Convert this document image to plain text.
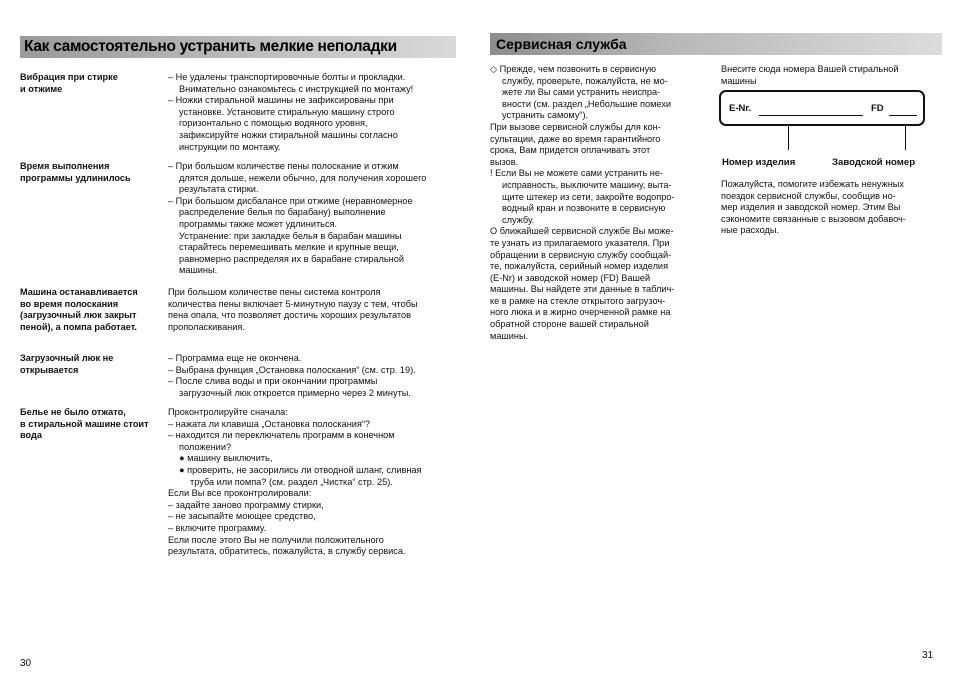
Как самостоятельно устранить мелкие неполадки
Вибрация при стирке
и отжиме
– Не удалены транспортировочные болты и прокладки.
Внимательно ознакомьтесь с инструкцией по монтажу!
– Ножки стиральной машины не зафиксированы при
установке. Установите стиральную машину строго
горизонтально с помощью водяного уровня,
зафиксируйте ножки стиральной машины согласно
инструкции по монтажу.
Время выполнения
программы удлинилось
– При большом количестве пены полоскание и отжим
длятся дольше, нежели обычно, для получения хорошего
результата стирки.
– При большом дисбалансе при отжиме (неравномерное
распределение белья по барабану) выполнение
программы также может удлиниться.
Устранение: при закладке белья в барабан машины
старайтесь перемешивать мелкие и крупные вещи,
равномерно распределяя их в барабане стиральной
машины.
Машина останавливается
во время полоскания
(загрузочный люк закрыт
пеной), а помпа работает.
При большом количестве пены система контроля
количества пены включает 5-минутную паузу с тем, чтобы
пена опала, что позволяет достичь хороших результатов
прополаскивания.
Загрузочный люк не
открывается
– Программа еще не окончена.
– Выбрана функция „Остановка полоскания“ (см. стр. 19).
– После слива воды и при окончании программы
загрузочный люк откроется примерно через 2 минуты.
Белье не было отжато,
в стиральной машине стоит
вода
Проконтролируйте сначала:
– нажата ли клавиша „Остановка полоскания“?
– находится ли переключатель программ в конечном
положении?
● машину выключить,
● проверить, не засорились ли отводной шланг, сливная
труба или помпа? (см. раздел „Чистка“ стр. 25).
Если Вы все проконтролировали:
– задайте заново программу стирки,
– не засыпайте моющее средство,
– включите программу.
Если после этого Вы не получили положительного
результата, обратитесь, пожалуйста, в службу сервиса.
30
Сервисная служба
◇ Прежде, чем позвонить в сервисную
службу, проверьте, пожалуйста, не мо-
жете ли Вы сами устранить неиспра-
вности (см. раздел „Небольшие помехи
устранить самому“).
При вызове сервисной службы для кон-
сультации, даже во время гарантийного
срока, Вам придется оплачивать этот
вызов.
! Если Вы не можете сами устранить не-
исправность, выключите машину, выта-
щите штекер из сети, закройте водопро-
водный кран и позвоните в сервисную
службу.
О ближайшей сервисной службе Вы може-
те узнать из прилагаемого указателя. При
обращении в сервисную службу сообщай-
те, пожалуйста, серийный номер изделия
(E-Nr) и заводской номер (FD) Вашей
машины. Вы найдете эти данные в таблич-
ке в рамке на стекле открытого загрузоч-
ного люка и в жирно очерченной рамке на
обратной стороне вашей стиральной
машины.
Внесите сюда номера Вашей стиральной
машины
E-Nr.	FD
Номер изделия	Заводской номер
Пожалуйста, помогите избежать ненужных
поездок сервисной службы, сообщив но-
мер изделия и заводской номер. Этим Вы
сэкономите связанные с вызовом добавоч-
ные расходы.
31
